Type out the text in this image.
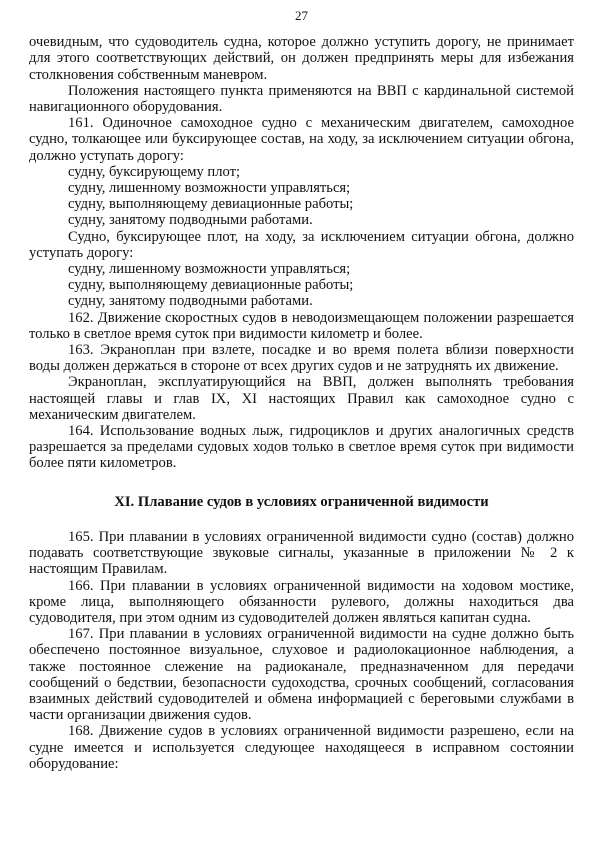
27

очевидным, что судоводитель судна, которое должно уступить дорогу, не принимает для этого соответствующих действий, он должен предпринять меры для избежания столкновения собственным маневром.

Положения настоящего пункта применяются на ВВП с кардинальной системой навигационного оборудования.

161. Одиночное самоходное судно с механическим двигателем, самоходное судно, толкающее или буксирующее состав, на ходу, за исключением ситуации обгона, должно уступать дорогу:

судну, буксирующему плот;

судну, лишенному возможности управляться;

судну, выполняющему девиационные работы;

судну, занятому подводными работами.

Судно, буксирующее плот, на ходу, за исключением ситуации обгона, должно уступать дорогу:

судну, лишенному возможности управляться;

судну, выполняющему девиационные работы;

судну, занятому подводными работами.

162. Движение скоростных судов в неводоизмещающем положении разрешается только в светлое время суток при видимости километр и более.

163. Экраноплан при взлете, посадке и во время полета вблизи поверхности воды должен держаться в стороне от всех других судов и не затруднять их движение.

Экраноплан, эксплуатирующийся на ВВП, должен выполнять требования настоящей главы и глав IX, XI настоящих Правил как самоходное судно с механическим двигателем.

164. Использование водных лыж, гидроциклов и других аналогичных средств разрешается за пределами судовых ходов только в светлое время суток при видимости более пяти километров.

XI. Плавание судов в условиях ограниченной видимости

165. При плавании в условиях ограниченной видимости судно (состав) должно подавать соответствующие звуковые сигналы, указанные в приложении № 2 к настоящим Правилам.

166. При плавании в условиях ограниченной видимости на ходовом мостике, кроме лица, выполняющего обязанности рулевого, должны находиться два судоводителя, при этом одним из судоводителей должен являться капитан судна.

167. При плавании в условиях ограниченной видимости на судне должно быть обеспечено постоянное визуальное, слуховое и радиолокационное наблюдения, а также постоянное слежение на радиоканале, предназначенном для передачи сообщений о бедствии, безопасности судоходства, срочных сообщений, согласования взаимных действий судоводителей и обмена информацией с береговыми службами в части организации движения судов.

168. Движение судов в условиях ограниченной видимости разрешено, если на судне имеется и используется следующее находящееся в исправном состоянии оборудование:
